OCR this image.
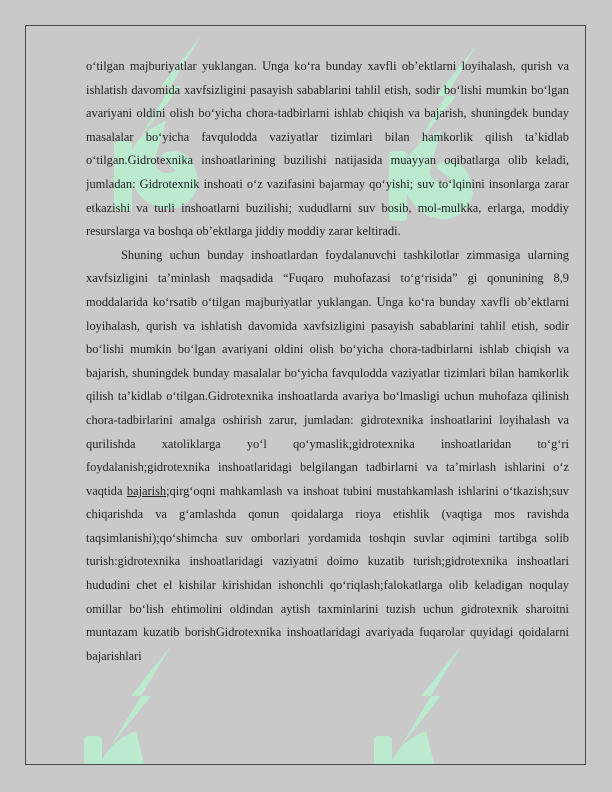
o‘tilgan majburiyatlar yuklangan. Unga ko‘ra bunday xavfli ob’ektlarni loyihalash, qurish va ishlatish davomida xavfsizligini pasayish sabablarini tahlil etish, sodir bo‘lishi mumkin bo‘lgan avariyani oldini olish bo‘yicha chora-tadbirlarni ishlab chiqish va bajarish, shuningdek bunday masalalar bo‘yicha favqulodda vaziyatlar tizimlari bilan hamkorlik qilish ta’kidlab o‘tilgan.Gidrotexnika inshoatlarining buzilishi natijasida muayyan oqibatlarga olib keladi, jumladan: Gidrotexnik inshoati o‘z vazifasini bajarmay qo‘yishi; suv to‘lqinini insonlarga zarar etkazishi va turli inshoatlarni buzilishi; xududlarni suv bosib, mol-mulkka, erlarga, moddiy resurslarga va boshqa ob’ektlarga jiddiy moddiy zarar keltiradi.

Shuning uchun bunday inshoatlardan foydalanuvchi tashkilotlar zimmasiga ularning xavfsizligini ta’minlash maqsadida “Fuqaro muhofazasi to‘g‘risida” gi qonunining 8,9 moddalarida ko‘rsatib o‘tilgan majburiyatlar yuklangan. Unga ko‘ra bunday xavfli ob’ektlarni loyihalash, qurish va ishlatish davomida xavfsizligini pasayish sabablarini tahlil etish, sodir bo‘lishi mumkin bo‘lgan avariyani oldini olish bo‘yicha chora-tadbirlarni ishlab chiqish va bajarish, shuningdek bunday masalalar bo‘yicha favqulodda vaziyatlar tizimlari bilan hamkorlik qilish ta’kidlab o‘tilgan.Gidrotexnika inshoatlarda avariya bo‘lmasligi uchun muhofaza qilinish chora-tadbirlarini amalga oshirish zarur, jumladan: gidrotexnika inshoatlarini loyihalash va qurilishda xatoliklarga yo‘l qo‘ymaslik;gidrotexnika inshoatlaridan to‘g‘ri foydalanish;gidrotexnika inshoatlaridagi belgilangan tadbirlarni va ta’mirlash ishlarini o‘z vaqtida bajarish;qirg‘oqni mahkamlash va inshoat tubini mustahkamlash ishlarini o‘tkazish;suv chiqarishda va g‘amlashda qonun qoidalarga rioya etishlik (vaqtiga mos ravishda taqsimlanishi);qo‘shimcha suv omborlari yordamida toshqin suvlar oqimini tartibga solib turish:gidrotexnika inshoatlaridagi vaziyatni doimo kuzatib turish;gidrotexnika inshoatlari hududini chet el kishilar kirishidan ishonchli qo‘riqlash;falokatlarga olib keladigan noqulay omillar bo‘lish ehtimolini oldindan aytish taxminlarini tuzish uchun gidrotexnik sharoitni muntazam kuzatib borishGidrotexnika inshoatlaridagi avariyada fuqarolar quyidagi qoidalarni bajarishlari
